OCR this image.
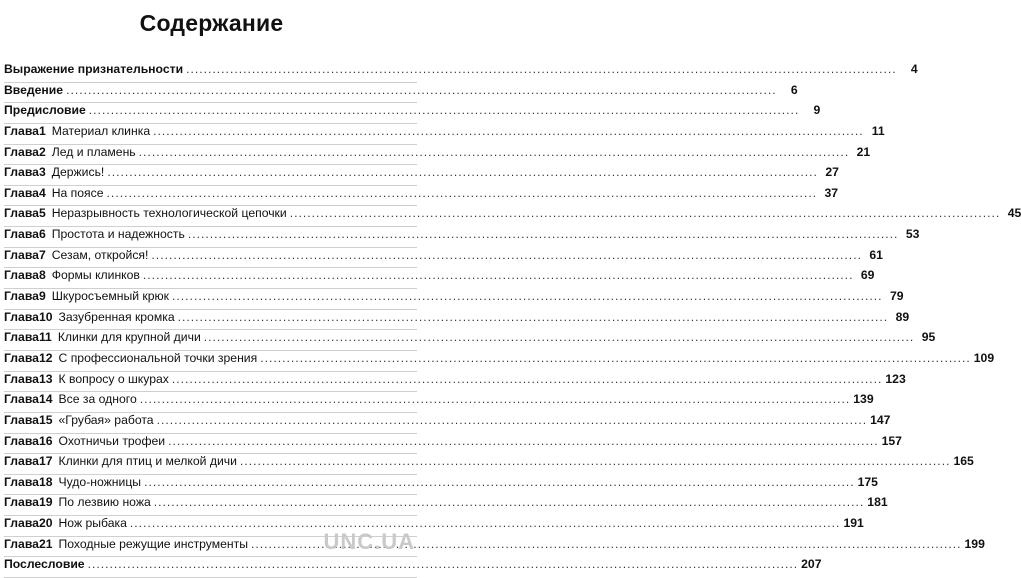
Содержание
Выражение признательности .....	4
Введение .....	6
Предисловие .....	9
Глава 1 Материал клинка .....	11
Глава 2 Лед и пламень .....	21
Глава 3 Держись! .....	27
Глава 4 На поясе .....	37
Глава 5 Неразрывность технологической цепочки .....	45
Глава 6 Простота и надежность .....	53
Глава 7 Сезам, откройся! .....	61
Глава 8 Формы клинков .....	69
Глава 9 Шкуросъемный крюк .....	79
Глава 10 Зазубренная кромка .....	89
Глава 11 Клинки для крупной дичи .....	95
Глава 12 С профессиональной точки зрения .....	109
Глава 13 К вопросу о шкурах .....	123
Глава 14 Все за одного .....	139
Глава 15 «Грубая» работа .....	147
Глава 16 Охотничьи трофеи .....	157
Глава 17 Клинки для птиц и мелкой дичи .....	165
Глава 18 Чудо-ножницы .....	175
Глава 19 По лезвию ножа .....	181
Глава 20 Нож рыбака .....	191
Глава 21 Походные режущие инструменты .....	199
Послесловие .....	207
UNC.UA
